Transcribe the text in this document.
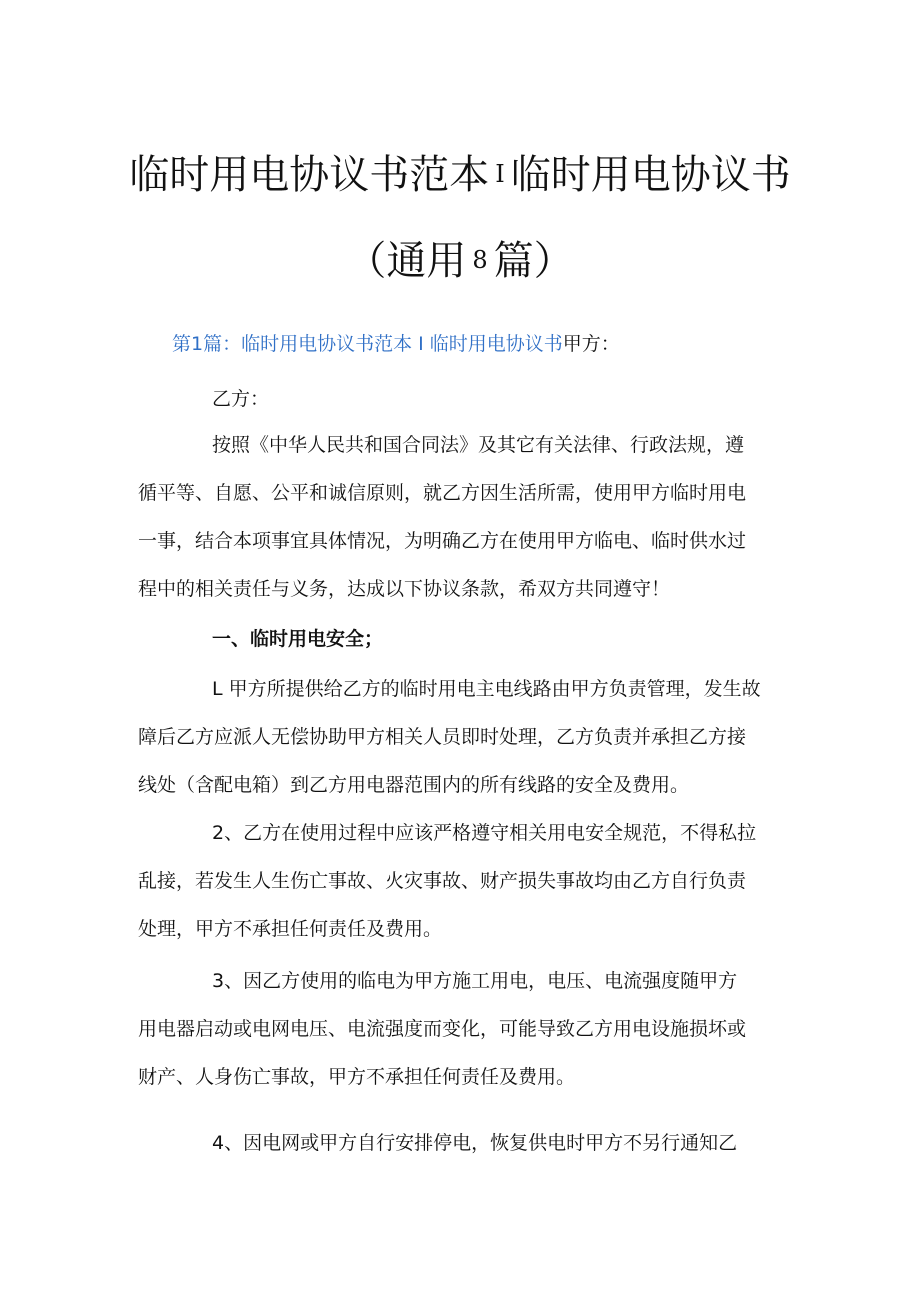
临时用电协议书范本 I 临时用电协议书
（通用 8 篇）
第1篇：临时用电协议书范本 I 临时用电协议书甲方：
乙方：
按照《中华人民共和国合同法》及其它有关法律、行政法规，遵
循平等、自愿、公平和诚信原则，就乙方因生活所需，使用甲方临时用电
一事，结合本项事宜具体情况，为明确乙方在使用甲方临电、临时供水过
程中的相关责任与义务，达成以下协议条款，希双方共同遵守！
一、临时用电安全；
L 甲方所提供给乙方的临时用电主电线路由甲方负责管理，发生故
障后乙方应派人无偿协助甲方相关人员即时处理，乙方负责并承担乙方接
线处（含配电箱）到乙方用电器范围内的所有线路的安全及费用。
2、乙方在使用过程中应该严格遵守相关用电安全规范，不得私拉
乱接，若发生人生伤亡事故、火灾事故、财产损失事故均由乙方自行负责
处理，甲方不承担任何责任及费用。
3、因乙方使用的临电为甲方施工用电，电压、电流强度随甲方
用电器启动或电网电压、电流强度而变化，可能导致乙方用电设施损坏或
财产、人身伤亡事故，甲方不承担任何责任及费用。
4、因电网或甲方自行安排停电，恢复供电时甲方不另行通知乙
